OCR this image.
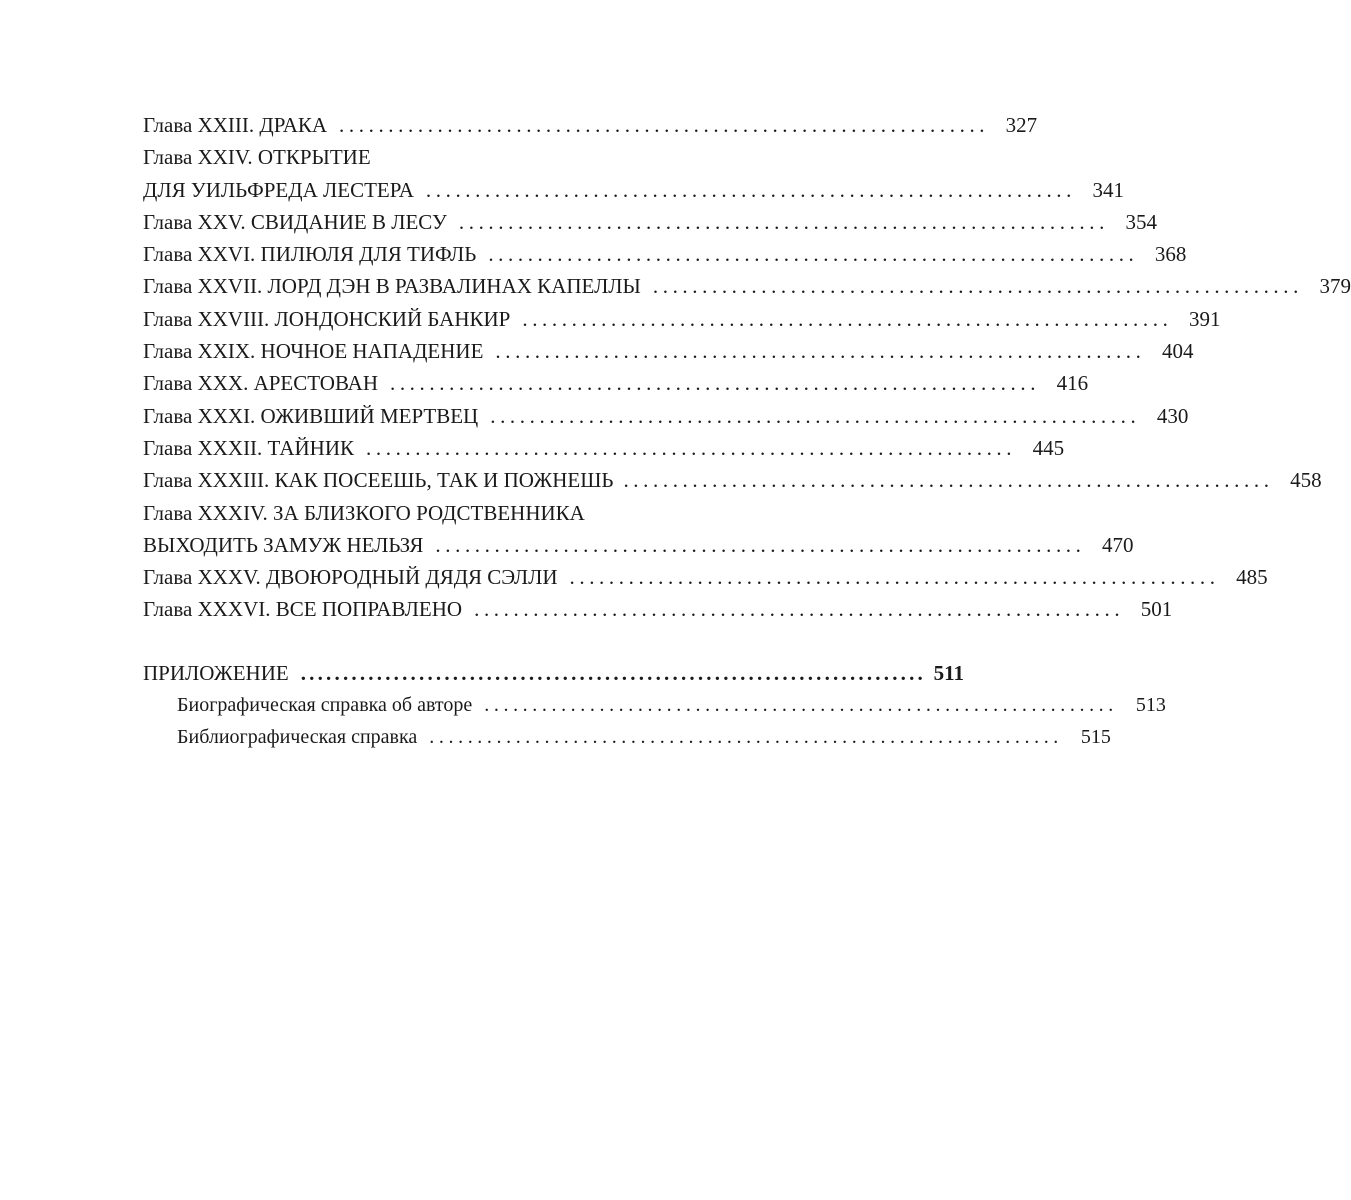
Глава XXIII. ДРАКА .................................................................. 327
Глава XXIV. ОТКРЫТИЕ
ДЛЯ УИЛЬФРЕДА ЛЕСТЕРА .................................................................. 341
Глава XXV. СВИДАНИЕ В ЛЕСУ .................................................................. 354
Глава XXVI. ПИЛЮЛЯ ДЛЯ ТИФЛЬ .................................................................. 368
Глава XXVII. ЛОРД ДЭН В РАЗВАЛИНАХ КАПЕЛЛЫ .................................................................. 379
Глава XXVIII. ЛОНДОНСКИЙ БАНКИР .................................................................. 391
Глава XXIX. НОЧНОЕ НАПАДЕНИЕ .................................................................. 404
Глава XXX. АРЕСТОВАН .................................................................. 416
Глава XXXI. ОЖИВШИЙ МЕРТВЕЦ .................................................................. 430
Глава XXXII. ТАЙНИК .................................................................. 445
Глава XXXIII. КАК ПОСЕЕШЬ, ТАК И ПОЖНЕШЬ .................................................................. 458
Глава XXXIV. ЗА БЛИЗКОГО РОДСТВЕННИКА
ВЫХОДИТЬ ЗАМУЖ НЕЛЬЗЯ .................................................................. 470
Глава XXXV. ДВОЮРОДНЫЙ ДЯДЯ СЭЛЛИ .................................................................. 485
Глава XXXVI. ВСЕ ПОПРАВЛЕНО .................................................................. 501
ПРИЛОЖЕНИЕ .......................................................................... 511
Биографическая справка об авторе .................................................................. 513
Библиографическая справка .................................................................. 515
